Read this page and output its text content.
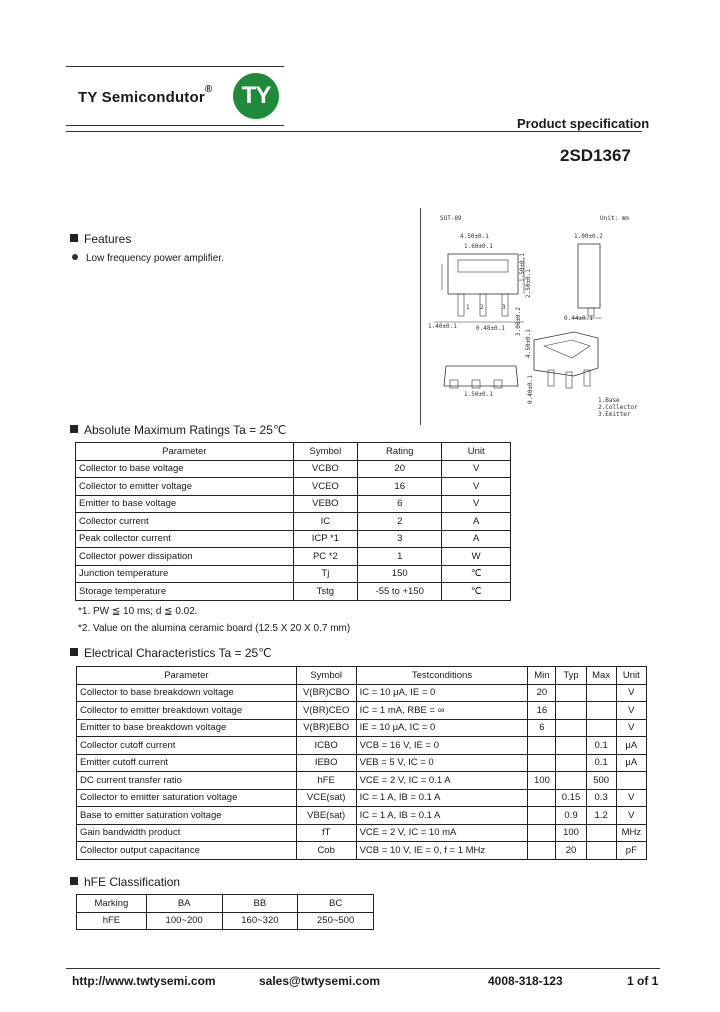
TY Semicondutor®	TY
Product specification
2SD1367
SOT-89	Unit: mm
4.50±0.1
1.60±0.1
1.00±0.2
1.40±0.1
0.44±0.1
0.48±0.1
1.50±0.1
1 2	3 3.00±0.2
2.50±0.1
0.40±0.1
1.50±0.1
4.50±0.1
1.Base
2.Collector
3.Emitter
Features
Low frequency power amplifier.
Absolute Maximum Ratings Ta = 25℃
Parameter	Symbol	Rating	Unit
Collector to base voltage	VCBO	20	V
Collector to emitter voltage	VCEO	16	V
Emitter to base voltage	VEBO	6	V
Collector current	IC	2	A
Peak collector current	ICP *1	3	A
Collector power dissipation	PC *2	1	W
Junction temperature	Tj	150	℃
Storage temperature	Tstg	-55 to +150	℃
*1. PW ≦ 10 ms; d ≦ 0.02.
*2. Value on the alumina ceramic board (12.5 X 20 X 0.7 mm)
Electrical Characteristics Ta = 25℃
Parameter	Symbol	Testconditions	Min	Typ	Max	Unit
Collector to base breakdown voltage	V(BR)CBO	IC = 10 μA, IE = 0	20			V
Collector to emitter breakdown voltage	V(BR)CEO	IC = 1 mA, RBE = ∞	16			V
Emitter to base breakdown voltage	V(BR)EBO	IE = 10 μA, IC = 0	6			V
Collector cutoff current	ICBO	VCB = 16 V, IE = 0			0.1	μA
Emitter cutoff current	IEBO	VEB = 5 V, IC = 0			0.1	μA
DC current transfer ratio	hFE	VCE = 2 V, IC = 0.1 A	100		500	
Collector to emitter saturation voltage	VCE(sat)	IC = 1 A, IB = 0.1 A		0.15	0.3	V
Base to emitter saturation voltage	VBE(sat)	IC = 1 A, IB = 0.1 A		0.9	1.2	V
Gain bandwidth product	fT	VCE = 2 V, IC = 10 mA		100		MHz
Collector output capacitance	Cob	VCB = 10 V, IE = 0, f = 1 MHz		20		pF
hFE Classification
Marking	BA	BB	BC
hFE	100~200	160~320	250~500
http://www.twtysemi.com	sales@twtysemi.com	4008-318-123	1 of 1
